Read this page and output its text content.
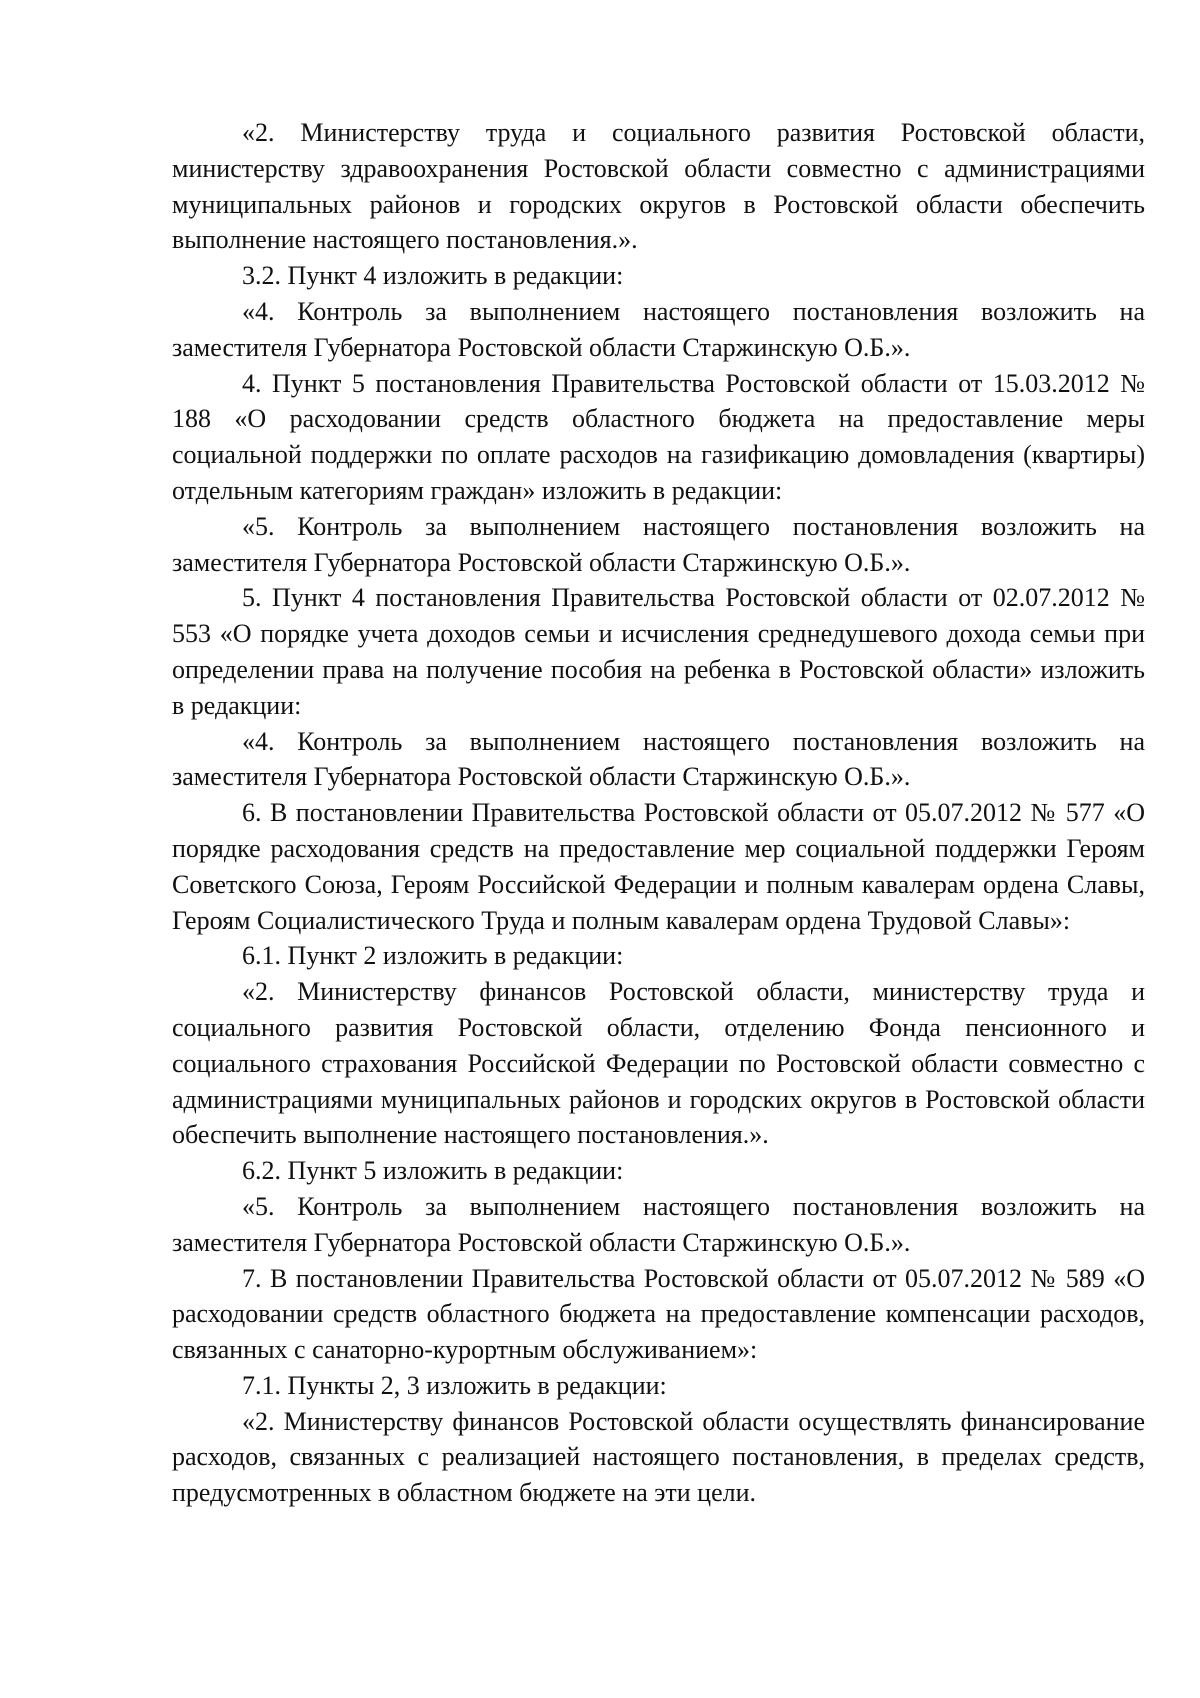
«2. Министерству труда и социального развития Ростовской области, министерству здравоохранения Ростовской области совместно с администрациями муниципальных районов и городских округов в Ростовской области обеспечить выполнение настоящего постановления.».

3.2. Пункт 4 изложить в редакции:

«4. Контроль за выполнением настоящего постановления возложить на заместителя Губернатора Ростовской области Старжинскую О.Б.».

4. Пункт 5 постановления Правительства Ростовской области от 15.03.2012 № 188 «О расходовании средств областного бюджета на предоставление меры социальной поддержки по оплате расходов на газификацию домовладения (квартиры) отдельным категориям граждан» изложить в редакции:

«5. Контроль за выполнением настоящего постановления возложить на заместителя Губернатора Ростовской области Старжинскую О.Б.».

5. Пункт 4 постановления Правительства Ростовской области от 02.07.2012 № 553 «О порядке учета доходов семьи и исчисления среднедушевого дохода семьи при определении права на получение пособия на ребенка в Ростовской области» изложить в редакции:

«4. Контроль за выполнением настоящего постановления возложить на заместителя Губернатора Ростовской области Старжинскую О.Б.».

6. В постановлении Правительства Ростовской области от 05.07.2012 № 577 «О порядке расходования средств на предоставление мер социальной поддержки Героям Советского Союза, Героям Российской Федерации и полным кавалерам ордена Славы, Героям Социалистического Труда и полным кавалерам ордена Трудовой Славы»:

6.1. Пункт 2 изложить в редакции:

«2. Министерству финансов Ростовской области, министерству труда и социального развития Ростовской области, отделению Фонда пенсионного и социального страхования Российской Федерации по Ростовской области совместно с администрациями муниципальных районов и городских округов в Ростовской области обеспечить выполнение настоящего постановления.».

6.2. Пункт 5 изложить в редакции:

«5. Контроль за выполнением настоящего постановления возложить на заместителя Губернатора Ростовской области Старжинскую О.Б.».

7. В постановлении Правительства Ростовской области от 05.07.2012 № 589 «О расходовании средств областного бюджета на предоставление компенсации расходов, связанных с санаторно-курортным обслуживанием»:

7.1. Пункты 2, 3 изложить в редакции:

«2. Министерству финансов Ростовской области осуществлять финансирование расходов, связанных с реализацией настоящего постановления, в пределах средств, предусмотренных в областном бюджете на эти цели.
